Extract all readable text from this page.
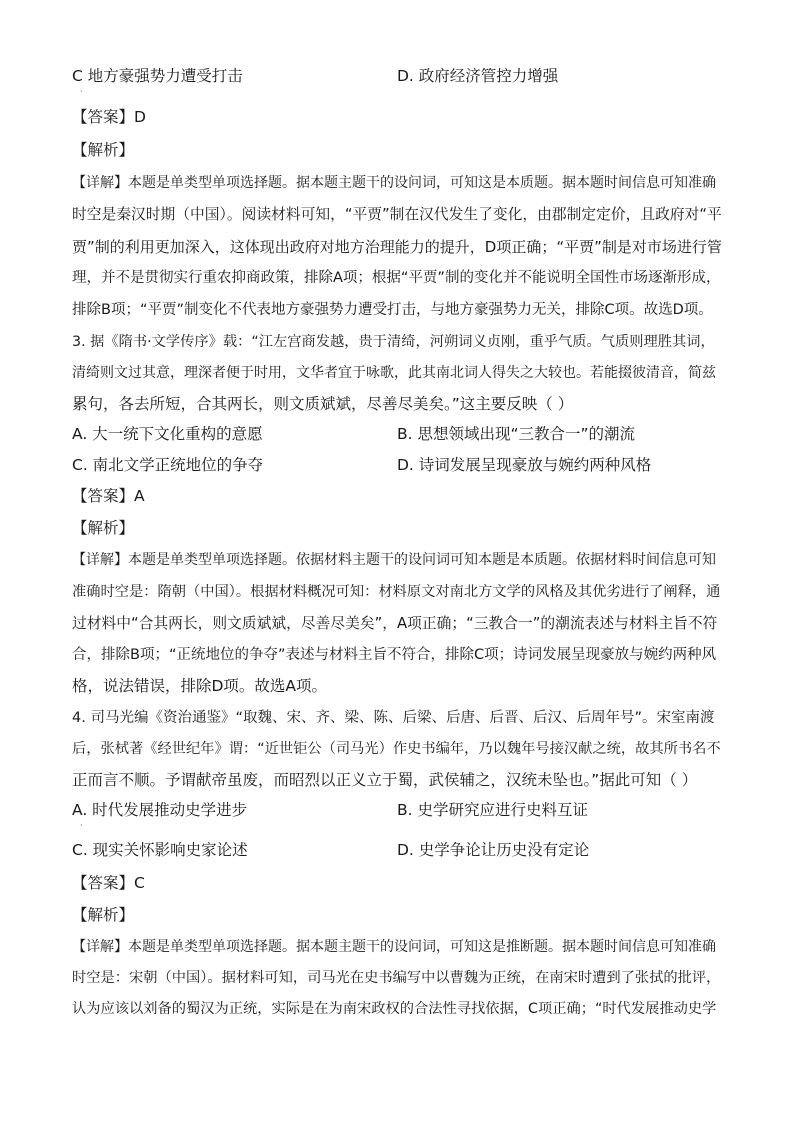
C 地方豪强势力遭受打击	D. 政府经济管控力增强
·
【答案】D
【解析】
【详解】本题是单类型单项选择题。据本题主题干的设问词，可知这是本质题。据本题时间信息可知准确
时空是秦汉时期（中国）。阅读材料可知，“平贾”制在汉代发生了变化，由郡制定定价，且政府对“平
贾”制的利用更加深入，这体现出政府对地方治理能力的提升，D项正确；“平贾”制是对市场进行管
理，并不是贯彻实行重农抑商政策，排除A项；根据“平贾”制的变化并不能说明全国性市场逐渐形成，
排除B项；“平贾”制变化不代表地方豪强势力遭受打击，与地方豪强势力无关，排除C项。故选D项。
3. 据《隋书·文学传序》载：“江左宫商发越，贵于清绮，河朔词义贞刚，重乎气质。气质则理胜其词，
清绮则文过其意，理深者便于时用，文华者宜于咏歌，此其南北词人得失之大较也。若能掇彼清音，简兹
累句，各去所短，合其两长，则文质斌斌，尽善尽美矣。”这主要反映（ ）
A. 大一统下文化重构的意愿	B. 思想领域出现“三教合一”的潮流
C. 南北文学正统地位的争夺	D. 诗词发展呈现豪放与婉约两种风格
【答案】A
【解析】
【详解】本题是单类型单项选择题。依据材料主题干的设问词可知本题是本质题。依据材料时间信息可知
准确时空是：隋朝（中国）。根据材料概况可知：材料原文对南北方文学的风格及其优劣进行了阐释，通
过材料中“合其两长，则文质斌斌，尽善尽美矣”，A项正确；“三教合一”的潮流表述与材料主旨不符
合，排除B项；“正统地位的争夺”表述与材料主旨不符合，排除C项；诗词发展呈现豪放与婉约两种风
格，说法错误，排除D项。故选A项。
4. 司马光编《资治通鉴》“取魏、宋、齐、梁、陈、后梁、后唐、后晋、后汉、后周年号”。宋室南渡
后，张栻著《经世纪年》谓：“近世钜公（司马光）作史书编年，乃以魏年号接汉献之统，故其所书名不
正而言不顺。予谓献帝虽废，而昭烈以正义立于蜀，武侯辅之，汉统未坠也。”据此可知（ ）
A. 时代发展推动史学进步	B. 史学研究应进行史料互证
·
C. 现实关怀影响史家论述	D. 史学争论让历史没有定论
【答案】C
【解析】
【详解】本题是单类型单项选择题。据本题主题干的设问词，可知这是推断题。据本题时间信息可知准确
时空是：宋朝（中国）。据材料可知，司马光在史书编写中以曹魏为正统，在南宋时遭到了张拭的批评，
认为应该以刘备的蜀汉为正统，实际是在为南宋政权的合法性寻找依据，C项正确；“时代发展推动史学
